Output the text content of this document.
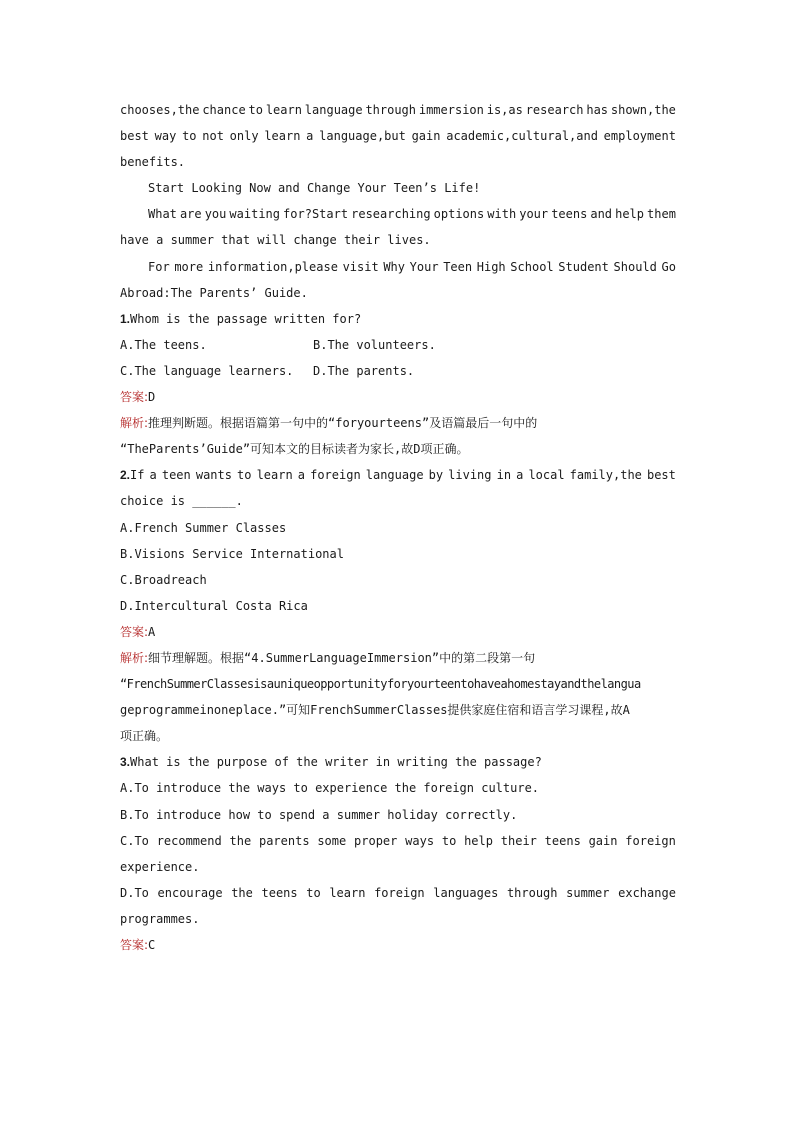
chooses,the chance to learn language through immersion is,as research has shown,the
best way to not only learn a language,but gain academic,cultural,and employment
benefits.
Start Looking Now and Change Your Teen’s Life!
What are you waiting for?Start researching options with your teens and help them
have a summer that will change their lives.
For more information,please visit Why Your Teen High School Student Should Go
Abroad:The Parents’ Guide.
1.Whom is the passage written for?
A.The teens.	B.The volunteers.
C.The language learners.	D.The parents.
答案:D
解析:推理判断题。根据语篇第一句中的“foryourteens”及语篇最后一句中的
“TheParents’Guide”可知本文的目标读者为家长,故D项正确。
2.If a teen wants to learn a foreign language by living in a local family,the best
choice is ______.
A.French Summer Classes
B.Visions Service International
C.Broadreach
D.Intercultural Costa Rica
答案:A
解析:细节理解题。根据“4.SummerLanguageImmersion”中的第二段第一句
“FrenchSummerClassesisauniqueopportunityforyourteentohaveahomestayandthelangua
geprogrammeinoneplace.”可知FrenchSummerClasses提供家庭住宿和语言学习课程,故A
项正确。
3.What is the purpose of the writer in writing the passage?
A.To introduce the ways to experience the foreign culture.
B.To introduce how to spend a summer holiday correctly.
C.To recommend the parents some proper ways to help their teens gain foreign
experience.
D.To encourage the teens to learn foreign languages through summer exchange
programmes.
答案:C
